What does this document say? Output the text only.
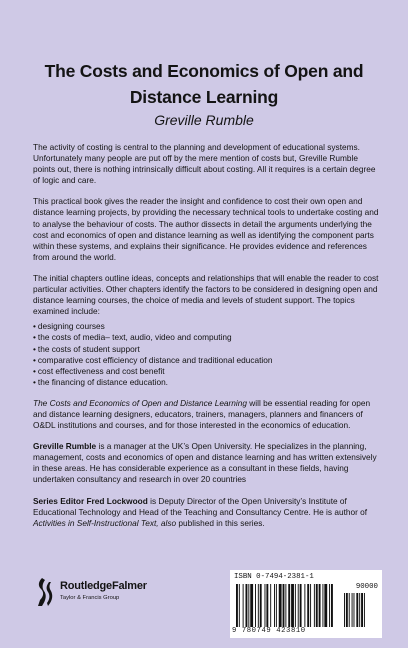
The Costs and Economics of Open and
Distance Learning
Greville Rumble

The activity of costing is central to the planning and development of educational systems. Unfortunately many people are put off by the mere mention of costs but, Greville Rumble points out, there is nothing intrinsically difficult about costing. All it requires is a certain degree of logic and care.

This practical book gives the reader the insight and confidence to cost their own open and distance learning projects, by providing the necessary technical tools to undertake costing and to analyse the behaviour of costs. The author dissects in detail the arguments underlying the cost and economics of open and distance learning as well as identifying the component parts within these systems, and explains their significance. He provides evidence and references from around the world.

The initial chapters outline ideas, concepts and relationships that will enable the reader to cost particular activities. Other chapters identify the factors to be considered in designing open and distance learning courses, the choice of media and levels of student support. The topics examined include:

• designing courses
• the costs of media– text, audio, video and computing
• the costs of student support
• comparative cost efficiency of distance and traditional education
• cost effectiveness and cost benefit
• the financing of distance education.

The Costs and Economics of Open and Distance Learning will be essential reading for open and distance learning designers, educators, trainers, managers, planners and financers of O&DL institutions and courses, and for those interested in the economics of education.

Greville Rumble is a manager at the UK’s Open University. He specializes in the planning, management, costs and economics of open and distance learning and has written extensively in these areas. He has considerable experience as a consultant in these fields, having undertaken consultancy and research in over 20 countries

Series Editor Fred Lockwood is Deputy Director of the Open University’s Institute of Educational Technology and Head of the Teaching and Consultancy Centre. He is author of Activities in Self-Instructional Text, also published in this series.

RoutledgeFalmer
Taylor & Francis Group
ISBN 0-7494-2381-1
90000
9 780749 423810
